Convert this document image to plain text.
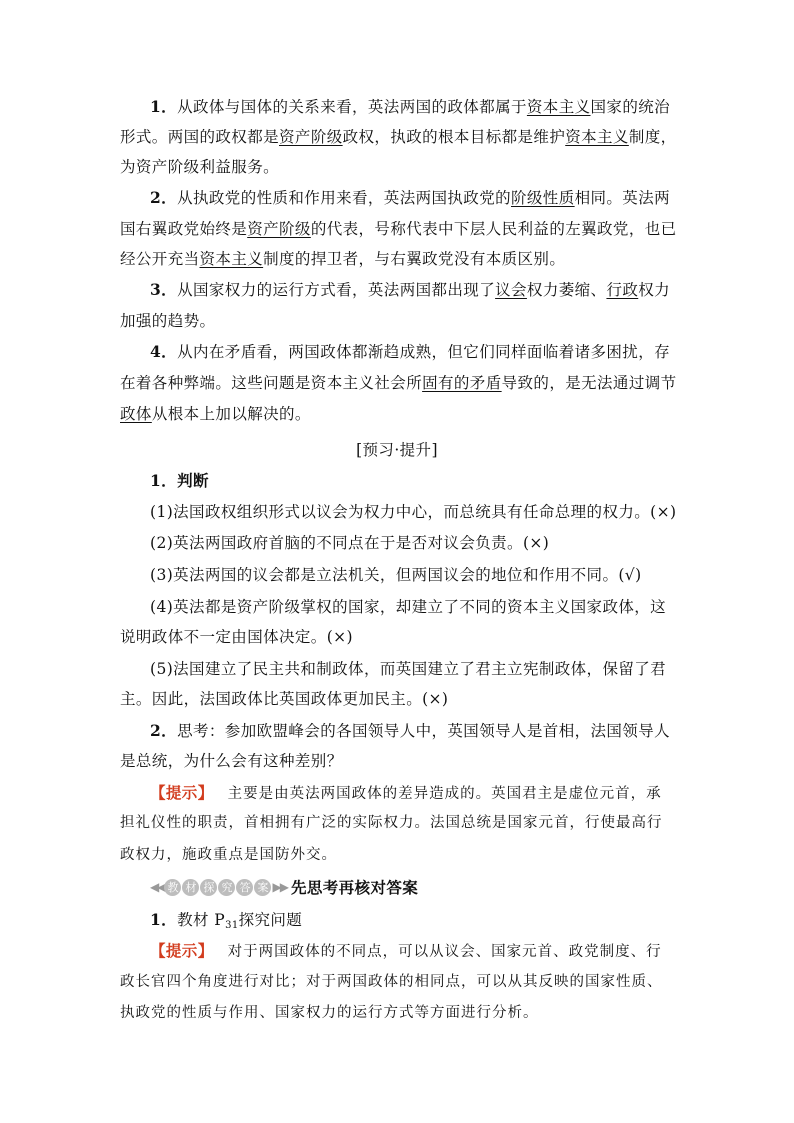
1．从政体与国体的关系来看，英法两国的政体都属于资本主义国家的统治
形式。两国的政权都是资产阶级政权，执政的根本目标都是维护资本主义制度，
为资产阶级利益服务。
2．从执政党的性质和作用来看，英法两国执政党的阶级性质相同。英法两
国右翼政党始终是资产阶级的代表，号称代表中下层人民利益的左翼政党，也已
经公开充当资本主义制度的捍卫者，与右翼政党没有本质区别。
3．从国家权力的运行方式看，英法两国都出现了议会权力萎缩、行政权力
加强的趋势。
4．从内在矛盾看，两国政体都渐趋成熟，但它们同样面临着诸多困扰，存
在着各种弊端。这些问题是资本主义社会所固有的矛盾导致的，是无法通过调节
政体从根本上加以解决的。
[预习·提升]
1．判断
(1)法国政权组织形式以议会为权力中心，而总统具有任命总理的权力。(×)
(2)英法两国政府首脑的不同点在于是否对议会负责。(×)
(3)英法两国的议会都是立法机关，但两国议会的地位和作用不同。(√)
(4)英法都是资产阶级掌权的国家，却建立了不同的资本主义国家政体，这
说明政体不一定由国体决定。(×)
(5)法国建立了民主共和制政体，而英国建立了君主立宪制政体，保留了君
主。因此，法国政体比英国政体更加民主。(×)
2．思考：参加欧盟峰会的各国领导人中，英国领导人是首相，法国领导人
是总统，为什么会有这种差别？
【提示】 主要是由英法两国政体的差异造成的。英国君主是虚位元首，承
担礼仪性的职责，首相拥有广泛的实际权力。法国总统是国家元首，行使最高行
政权力，施政重点是国防外交。
◀◀ 教 材 探 究 答 案 ▶▶ 先思考再核对答案
1．教材 $P_{31}$探究问题
【提示】 对于两国政体的不同点，可以从议会、国家元首、政党制度、行
政长官四个角度进行对比；对于两国政体的相同点，可以从其反映的国家性质、
执政党的性质与作用、国家权力的运行方式等方面进行分析。
